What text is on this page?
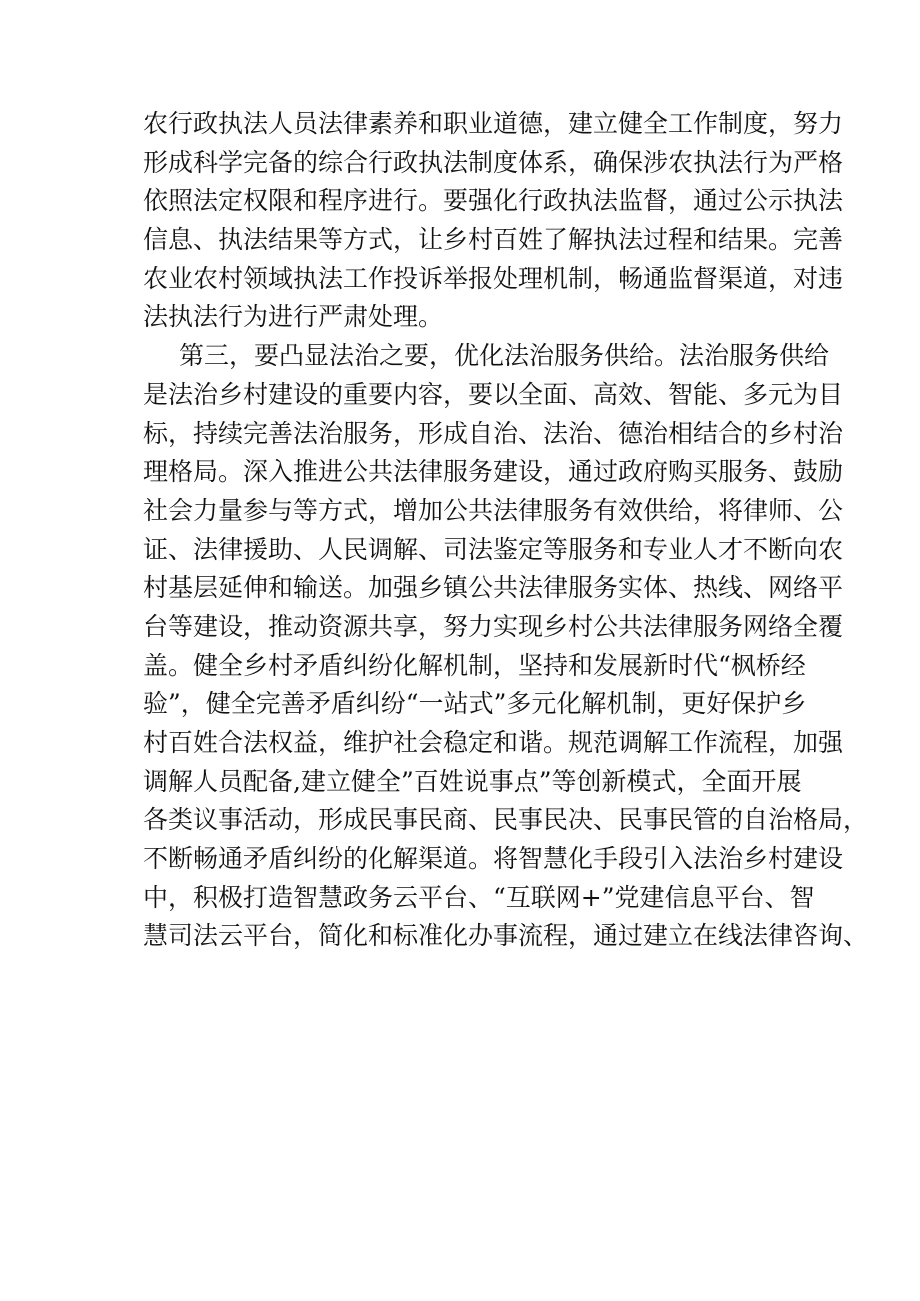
农行政执法人员法律素养和职业道德，建立健全工作制度，努力

形成科学完备的综合行政执法制度体系，确保涉农执法行为严格

依照法定权限和程序进行。要强化行政执法监督，通过公示执法

信息、执法结果等方式，让乡村百姓了解执法过程和结果。完善

农业农村领域执法工作投诉举报处理机制，畅通监督渠道，对违

法执法行为进行严肃处理。

第三，要凸显法治之要，优化法治服务供给。法治服务供给

是法治乡村建设的重要内容，要以全面、高效、智能、多元为目

标，持续完善法治服务，形成自治、法治、德治相结合的乡村治

理格局。深入推进公共法律服务建设，通过政府购买服务、鼓励

社会力量参与等方式，增加公共法律服务有效供给，将律师、公

证、法律援助、人民调解、司法鉴定等服务和专业人才不断向农

村基层延伸和输送。加强乡镇公共法律服务实体、热线、网络平

台等建设，推动资源共享，努力实现乡村公共法律服务网络全覆

盖。健全乡村矛盾纠纷化解机制，坚持和发展新时代“枫桥经

验”，健全完善矛盾纠纷“一站式”多元化解机制，更好保护乡

村百姓合法权益，维护社会稳定和谐。规范调解工作流程，加强

调解人员配备,建立健全”百姓说事点”等创新模式，全面开展

各类议事活动，形成民事民商、民事民决、民事民管的自治格局，

不断畅通矛盾纠纷的化解渠道。将智慧化手段引入法治乡村建设

中，积极打造智慧政务云平台、“互联网+”党建信息平台、智

慧司法云平台，简化和标准化办事流程，通过建立在线法律咨询、
